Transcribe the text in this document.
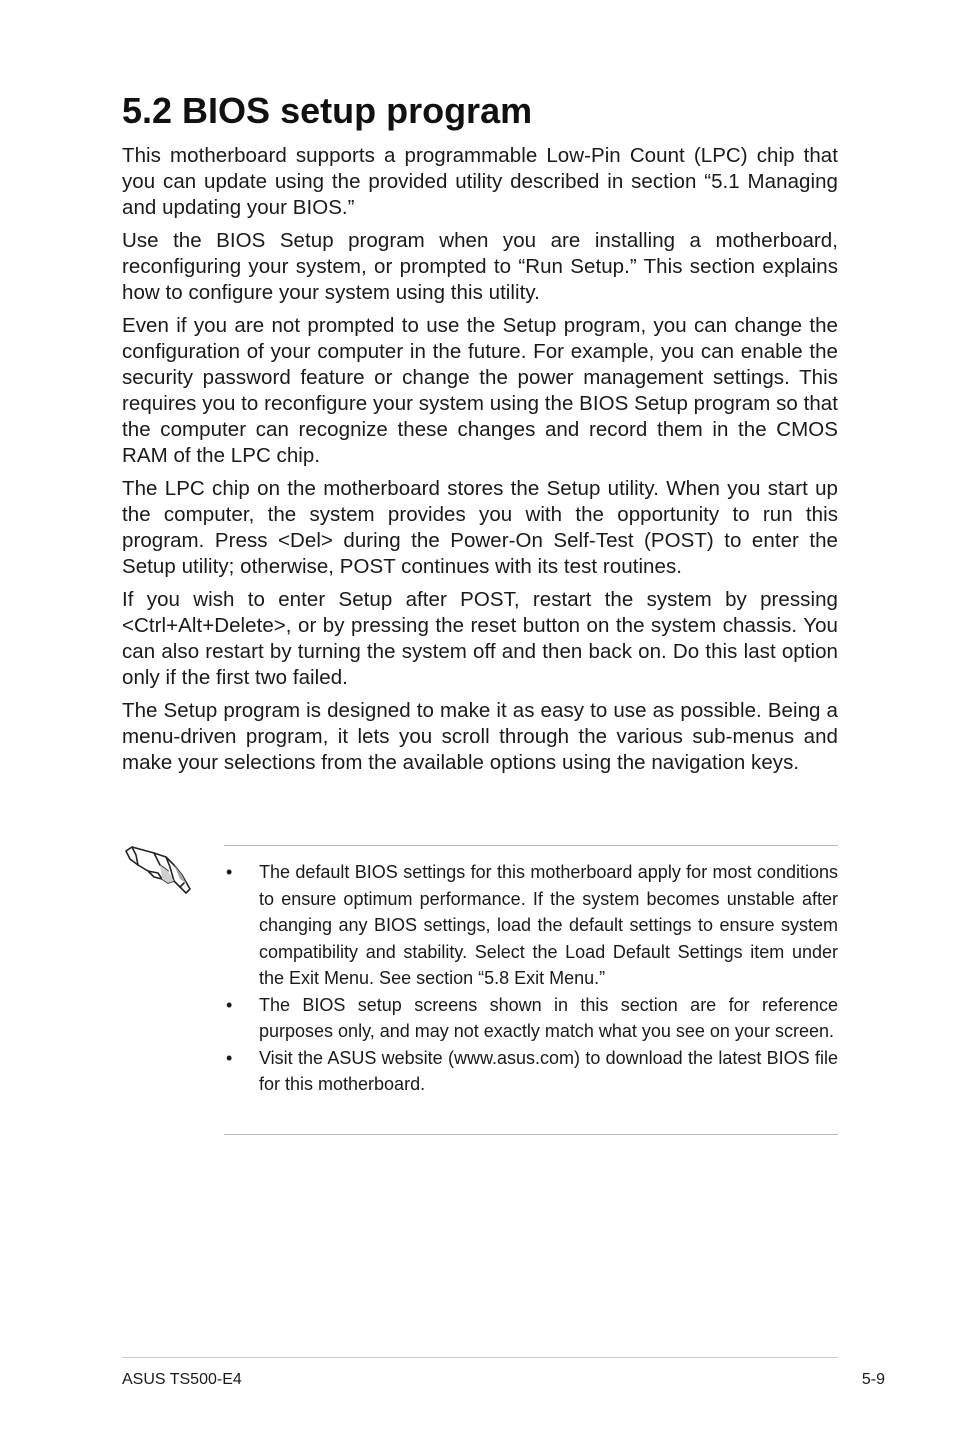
5.2 BIOS setup program

This motherboard supports a programmable Low-Pin Count (LPC) chip that you can update using the provided utility described in section “5.1 Managing and updating your BIOS.”

Use the BIOS Setup program when you are installing a motherboard, reconfiguring your system, or prompted to “Run Setup.” This section explains how to configure your system using this utility.

Even if you are not prompted to use the Setup program, you can change the configuration of your computer in the future. For example, you can enable the security password feature or change the power management settings. This requires you to reconfigure your system using the BIOS Setup program so that the computer can recognize these changes and record them in the CMOS RAM of the LPC chip.

The LPC chip on the motherboard stores the Setup utility. When you start up the computer, the system provides you with the opportunity to run this program. Press <Del> during the Power-On Self-Test (POST) to enter the Setup utility; otherwise, POST continues with its test routines.

If you wish to enter Setup after POST, restart the system by pressing <Ctrl+Alt+Delete>, or by pressing the reset button on the system chassis. You can also restart by turning the system off and then back on. Do this last option only if the first two failed.

The Setup program is designed to make it as easy to use as possible. Being a menu-driven program, it lets you scroll through the various sub-menus and make your selections from the available options using the navigation keys.

• The default BIOS settings for this motherboard apply for most conditions to ensure optimum performance. If the system becomes unstable after changing any BIOS settings, load the default settings to ensure system compatibility and stability. Select the Load Default Settings item under the Exit Menu. See section “5.8 Exit Menu.”
• The BIOS setup screens shown in this section are for reference purposes only, and may not exactly match what you see on your screen.
• Visit the ASUS website (www.asus.com) to download the latest BIOS file for this motherboard.
ASUS TS500-E4	5-9
